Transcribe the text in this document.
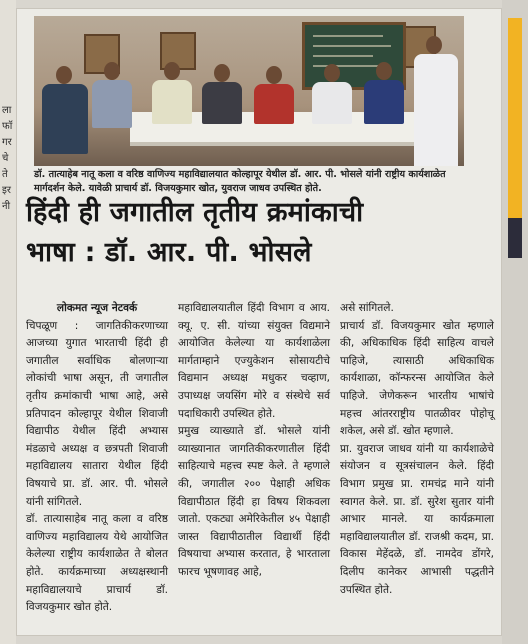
ला
फॉ
गर
चे
ते
इर
नी
डॉ. तात्याहेब नातू कला व वरिष्ठ वाणिज्य महाविद्यालयात कोल्हापूर येथील डॉ. आर. पी. भोसले यांनी राष्ट्रीय कार्यशाळेत मार्गदर्शन केले. यावेळी प्राचार्य डॉ. विजयकुमार खोत, युवराज जाधव उपस्थित होते.
हिंदी ही जगातील तृतीय क्रमांकाची
भाषा : डॉ. आर. पी. भोसले

लोकमत न्यूज नेटवर्क

चिपळूण : जागतिकीकरणाच्या आजच्या युगात भारताची हिंदी ही जगातील सर्वाधिक बोलणाऱ्या लोकांची भाषा असून, ती जगातील तृतीय क्रमांकाची भाषा आहे, असे प्रतिपादन कोल्हापूर येथील शिवाजी विद्यापीठ येथील हिंदी अभ्यास मंडळाचे अध्यक्ष व छत्रपती शिवाजी महाविद्यालय सातारा येथील हिंदी विषयाचे प्रा. डॉ. आर. पी. भोसले यांनी सांगितले.

डॉ. तात्यासाहेब नातू कला व वरिष्ठ वाणिज्य महाविद्यालय येथे आयोजित केलेल्या राष्ट्रीय कार्यशाळेत ते बोलत होते. कार्यक्रमाच्या अध्यक्षस्थानी महाविद्यालयाचे प्राचार्य डॉ. विजयकुमार खोत होते.

महाविद्यालयातील हिंदी विभाग व आय. क्यू. ए. सी. यांच्या संयुक्त विद्यमाने आयोजित केलेल्या या कार्यशाळेला मार्गताम्हाने एज्युकेशन सोसायटीचे विद्यमान अध्यक्ष मधुकर चव्हाण, उपाध्यक्ष जयसिंग मोरे व संस्थेचे सर्व पदाधिकारी उपस्थित होते.

प्रमुख व्याख्याते डॉ. भोसले यांनी व्याख्यानात जागतिकीकरणातील हिंदी साहित्याचे महत्त्व स्पष्ट केले. ते म्हणाले की, जगातील २०० पेक्षाही अधिक विद्यापीठात हिंदी हा विषय शिकवला जातो. एकट्या अमेरिकेतील ४५ पेक्षाही जास्त विद्यापीठातील विद्यार्थी हिंदी विषयाचा अभ्यास करतात, हे भारताला फारच भूषणावह आहे,

असे सांगितले.

प्राचार्य डॉ. विजयकुमार खोत म्हणाले की, अधिकाधिक हिंदी साहित्य वाचले पाहिजे, त्यासाठी अधिकाधिक कार्यशाळा, कॉन्फरन्स आयोजित केले पाहिजे. जेणेकरून भारतीय भाषांचे महत्त्व आंतरराष्ट्रीय पातळीवर पोहोचू शकेल, असे डॉ. खोत म्हणाले.

प्रा. युवराज जाधव यांनी या कार्यशाळेचे संयोजन व सूत्रसंचालन केले. हिंदी विभाग प्रमुख प्रा. रामचंद्र माने यांनी स्वागत केले. प्रा. डॉ. सुरेश सुतार यांनी आभार मानले. या कार्यक्रमाला महाविद्यालयातील डॉ. राजश्री कदम, प्रा. विकास मेहेंदळे, डॉ. नामदेव डोंगरे, दिलीप कानेकर आभासी पद्धतीने उपस्थित होते.
